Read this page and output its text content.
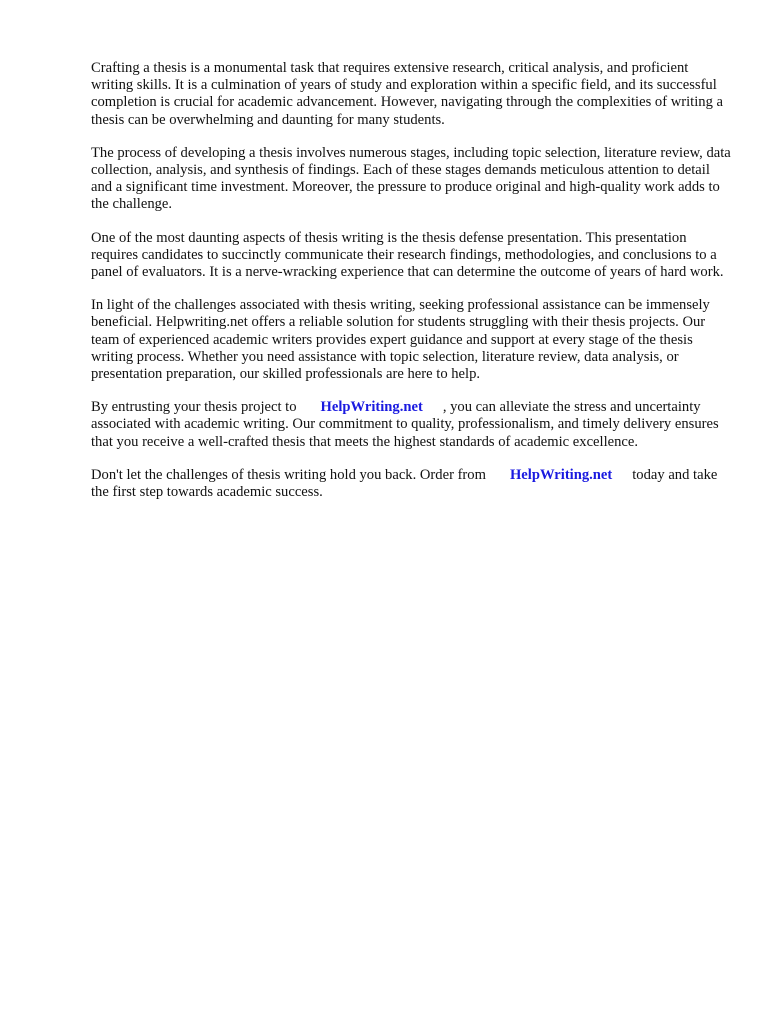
Crafting a thesis is a monumental task that requires extensive research, critical analysis, and proficient writing skills. It is a culmination of years of study and exploration within a specific field, and its successful completion is crucial for academic advancement. However, navigating through the complexities of writing a thesis can be overwhelming and daunting for many students.

The process of developing a thesis involves numerous stages, including topic selection, literature review, data collection, analysis, and synthesis of findings. Each of these stages demands meticulous attention to detail and a significant time investment. Moreover, the pressure to produce original and high-quality work adds to the challenge.

One of the most daunting aspects of thesis writing is the thesis defense presentation. This presentation requires candidates to succinctly communicate their research findings, methodologies, and conclusions to a panel of evaluators. It is a nerve-wracking experience that can determine the outcome of years of hard work.

In light of the challenges associated with thesis writing, seeking professional assistance can be immensely beneficial. Helpwriting.net offers a reliable solution for students struggling with their thesis projects. Our team of experienced academic writers provides expert guidance and support at every stage of the thesis writing process. Whether you need assistance with topic selection, literature review, data analysis, or presentation preparation, our skilled professionals are here to help.

By entrusting your thesis project to HelpWriting.net , you can alleviate the stress and uncertainty associated with academic writing. Our commitment to quality, professionalism, and timely delivery ensures that you receive a well-crafted thesis that meets the highest standards of academic excellence.

Don't let the challenges of thesis writing hold you back. Order from HelpWriting.net today and take the first step towards academic success.
